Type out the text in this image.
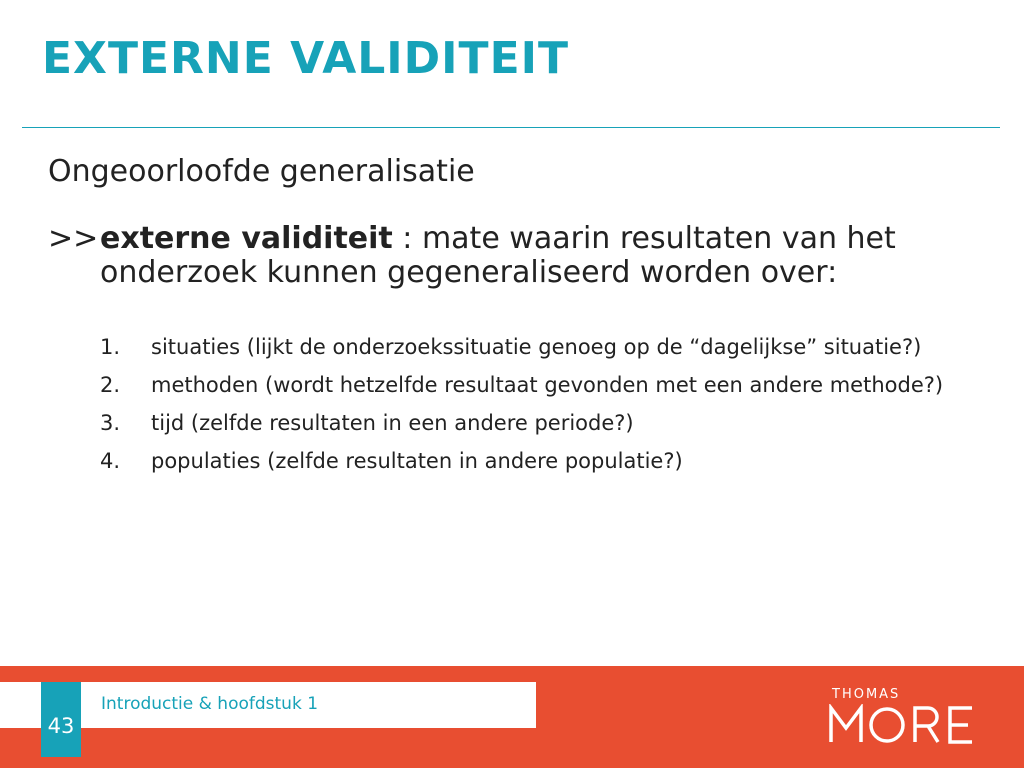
EXTERNE VALIDITEIT

Ongeoorloofde generalisatie

>>externe validiteit : mate waarin resultaten van het onderzoek kunnen gegeneraliseerd worden over:

1. situaties (lijkt de onderzoekssituatie genoeg op de “dagelijkse” situatie?)
2. methoden (wordt hetzelfde resultaat gevonden met een andere methode?)
3. tijd (zelfde resultaten in een andere periode?)
4. populaties (zelfde resultaten in andere populatie?)
Introductie & hoofdstuk 1
43
THOMAS
